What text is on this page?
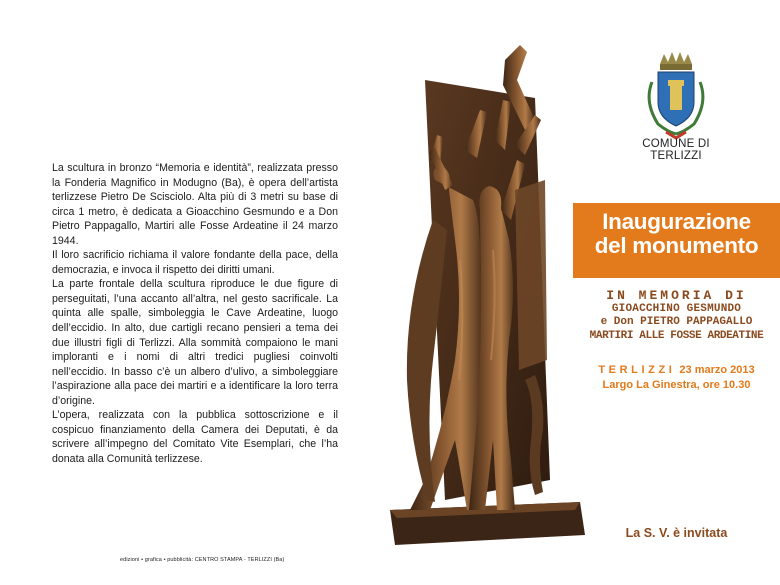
La scultura in bronzo “Memoria e identità”, realizzata presso la Fonderia Magnifico in Modugno (Ba), è opera dell’artista terlizzese Pietro De Scisciolo. Alta più di 3 metri su base di circa 1 metro, è dedicata a Gioacchino Gesmundo e a Don Pietro Pappagallo, Martiri alle Fosse Ardeatine il 24 marzo 1944.

Il loro sacrificio richiama il valore fondante della pace, della democrazia, e invoca il rispetto dei diritti umani.

La parte frontale della scultura riproduce le due figure di perseguitati, l’una accanto all’altra, nel gesto sacrificale. La quinta alle spalle, simboleggia le Cave Ardeatine, luogo dell’eccidio. In alto, due cartigli recano pensieri a tema dei due illustri figli di Terlizzi. Alla sommità compaiono le mani imploranti e i nomi di altri tredici pugliesi coinvolti nell’eccidio. In basso c’è un albero d’ulivo, a simboleggiare l’aspirazione alla pace dei martiri e a identificare la loro terra d’origine.

L’opera, realizzata con la pubblica sottoscrizione e il cospicuo finanziamento della Camera dei Deputati, è da scrivere all’impegno del Comitato Vite Esemplari, che l’ha donata alla Comunità terlizzese.

edizioni • grafica • pubblicità: CENTRO STAMPA - TERLIZZI (Ba)
COMUNE DI TERLIZZI
Inaugurazione
del monumento
IN MEMORIA DI
GIOACCHINO GESMUNDO
e Don PIETRO PAPPAGALLO
MARTIRI ALLE FOSSE ARDEATINE
TERLIZZI 23 marzo 2013
Largo La Ginestra, ore 10.30
La S. V. è invitata
